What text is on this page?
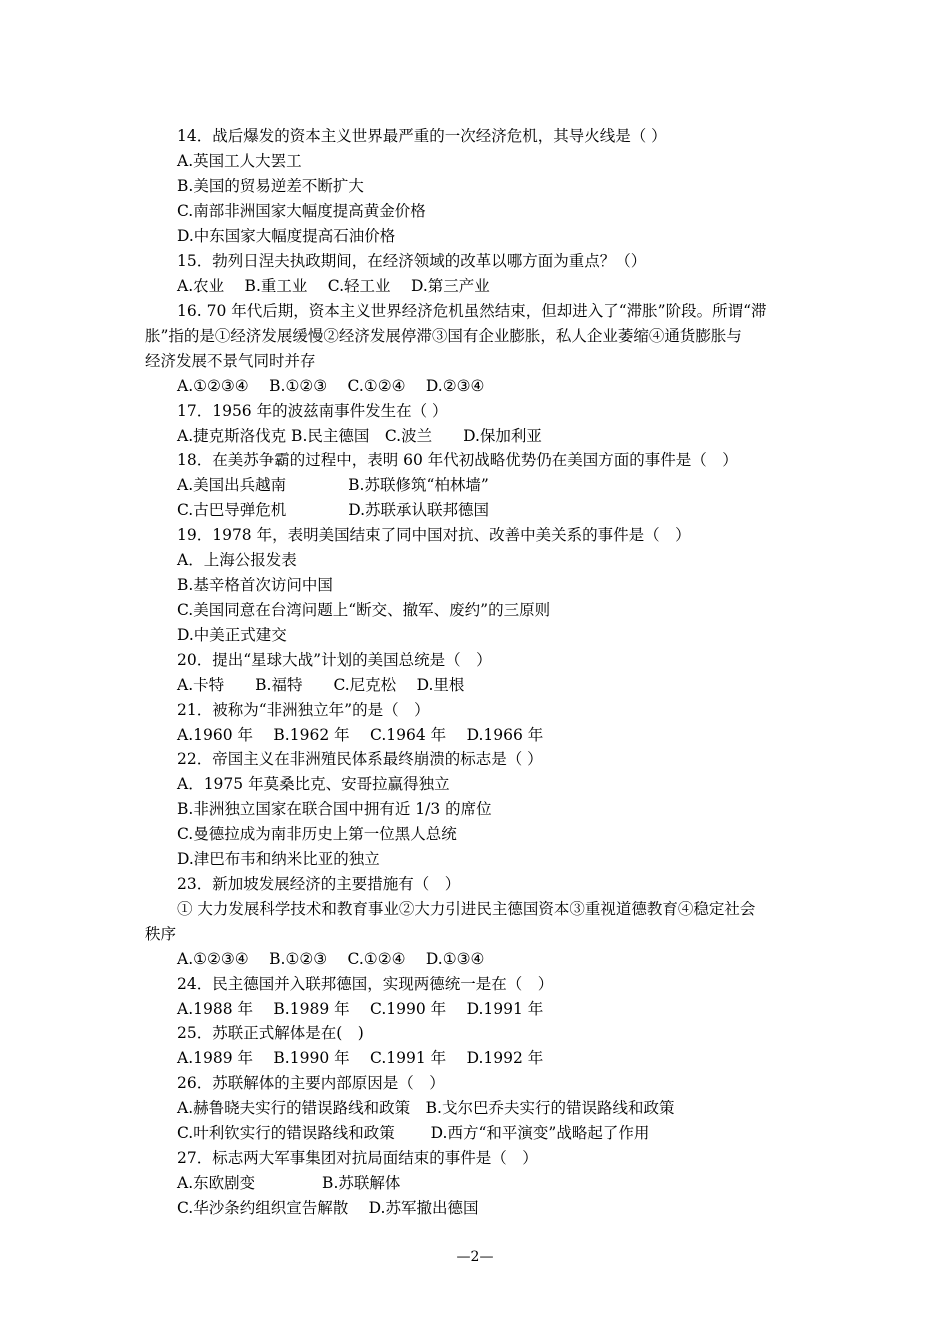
14．战后爆发的资本主义世界最严重的一次经济危机，其导火线是（ ）
A.英国工人大罢工
B.美国的贸易逆差不断扩大
C.南部非洲国家大幅度提高黄金价格
D.中东国家大幅度提高石油价格
15．勃列日涅夫执政期间，在经济领域的改革以哪方面为重点？（）
A.农业　 B.重工业　 C.轻工业　 D.第三产业
16. 70 年代后期，资本主义世界经济危机虽然结束，但却进入了“滞胀”阶段。所谓“滞
胀”指的是①经济发展缓慢②经济发展停滞③国有企业膨胀，私人企业萎缩④通货膨胀与
经济发展不景气同时并存
A.①②③④　 B.①②③　 C.①②④　 D.②③④
17．1956 年的波兹南事件发生在（ ）
A.捷克斯洛伐克 B.民主德国　C.波兰　　D.保加利亚
18．在美苏争霸的过程中，表明 60 年代初战略优势仍在美国方面的事件是（　）
A.美国出兵越南　　　　B.苏联修筑“柏林墙”
C.古巴导弹危机　　　　D.苏联承认联邦德国
19．1978 年，表明美国结束了同中国对抗、改善中美关系的事件是（　）
A．上海公报发表
B.基辛格首次访问中国
C.美国同意在台湾问题上“断交、撤军、废约”的三原则
D.中美正式建交
20．提出“星球大战”计划的美国总统是（　）
A.卡特　　B.福特　　C.尼克松　 D.里根
21．被称为“非洲独立年”的是（　）
A.1960 年　 B.1962 年　 C.1964 年　 D.1966 年
22．帝国主义在非洲殖民体系最终崩溃的标志是（ ）
A．1975 年莫桑比克、安哥拉赢得独立
B.非洲独立国家在联合国中拥有近 1/3 的席位
C.曼德拉成为南非历史上第一位黑人总统
D.津巴布韦和纳米比亚的独立
23．新加坡发展经济的主要措施有（　）
① 大力发展科学技术和教育事业②大力引进民主德国资本③重视道德教育④稳定社会
秩序
A.①②③④　 B.①②③　 C.①②④　 D.①③④
24．民主德国并入联邦德国，实现两德统一是在（　）
A.1988 年　 B.1989 年　 C.1990 年　 D.1991 年
25．苏联正式解体是在(　)
A.1989 年　 B.1990 年　 C.1991 年　 D.1992 年
26．苏联解体的主要内部原因是（　）
A.赫鲁晓夫实行的错误路线和政策　B.戈尔巴乔夫实行的错误路线和政策
C.叶利钦实行的错误路线和政策　　 D.西方“和平演变”战略起了作用
27．标志两大军事集团对抗局面结束的事件是（　）
A.东欧剧变　　　　 B.苏联解体
C.华沙条约组织宣告解散　 D.苏军撤出德国
—2—
